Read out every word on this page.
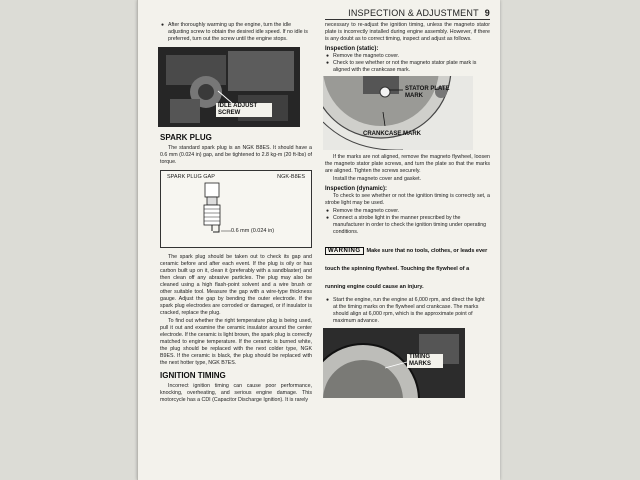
INSPECTION & ADJUSTMENT 9
● After thoroughly warming up the engine, turn the idle adjusting screw to obtain the desired idle speed. If no idle is preferred, turn out the screw until the engine stops.
IDLE ADJUST SCREW
SPARK PLUG

The standard spark plug is an NGK B8ES. It should have a 0.6 mm (0.024 in) gap, and be tightened to 2.8 kg-m (20 ft-lbs) of torque.

SPARK PLUG GAP	NGK-B8ES
0.6 mm (0.024 in)

The spark plug should be taken out to check its gap and ceramic before and after each event. If the plug is oily or has carbon built up on it, clean it (preferably with a sandblaster) and then clean off any abrasive particles. The plug may also be cleaned using a high flash-point solvent and a wire brush or other suitable tool. Measure the gap with a wire-type thickness gauge. Adjust the gap by bending the outer electrode. If the spark plug electrodes are corroded or damaged, or if insulator is cracked, replace the plug.

To find out whether the right temperature plug is being used, pull it out and examine the ceramic insulator around the center electrode. If the ceramic is light brown, the spark plug is correctly matched to engine temperature. If the ceramic is burned white, the plug should be replaced with the next colder type, NGK B9ES. If the ceramic is black, the plug should be replaced with the next hotter type, NGK B7ES.

IGNITION TIMING

Incorrect ignition timing can cause poor performance, knocking, overheating, and serious engine damage. This motorcycle has a CDI (Capacitor Discharge Ignition). It is rarely

necessary to re-adjust the ignition timing, unless the magneto stator plate is incorrectly installed during engine assembly. However, if there is any doubt as to correct timing, inspect and adjust as follows.

Inspection (static):
● Remove the magneto cover.
● Check to see whether or not the magneto stator plate mark is aligned with the crankcase mark.
STATOR PLATE MARK
CRANKCASE MARK

If the marks are not aligned, remove the magneto flywheel, loosen the magneto stator plate screws, and turn the plate so that the marks are aligned. Tighten the screws securely.

Install the magneto cover and gasket.

Inspection (dynamic):

To check to see whether or not the ignition timing is correctly set, a strobe light may be used.

● Remove the magneto cover.
● Connect a strobe light in the manner prescribed by the manufacturer in order to check the ignition timing under operating conditions.
WARNING Make sure that no tools, clothes, or leads ever touch the spinning flywheel. Touching the flywheel of a running engine could cause an injury.
● Start the engine, run the engine at 6,000 rpm, and direct the light at the timing marks on the flywheel and crankcase. The marks should align at 6,000 rpm, which is the approximate point of maximum advance.
TIMING MARKS
